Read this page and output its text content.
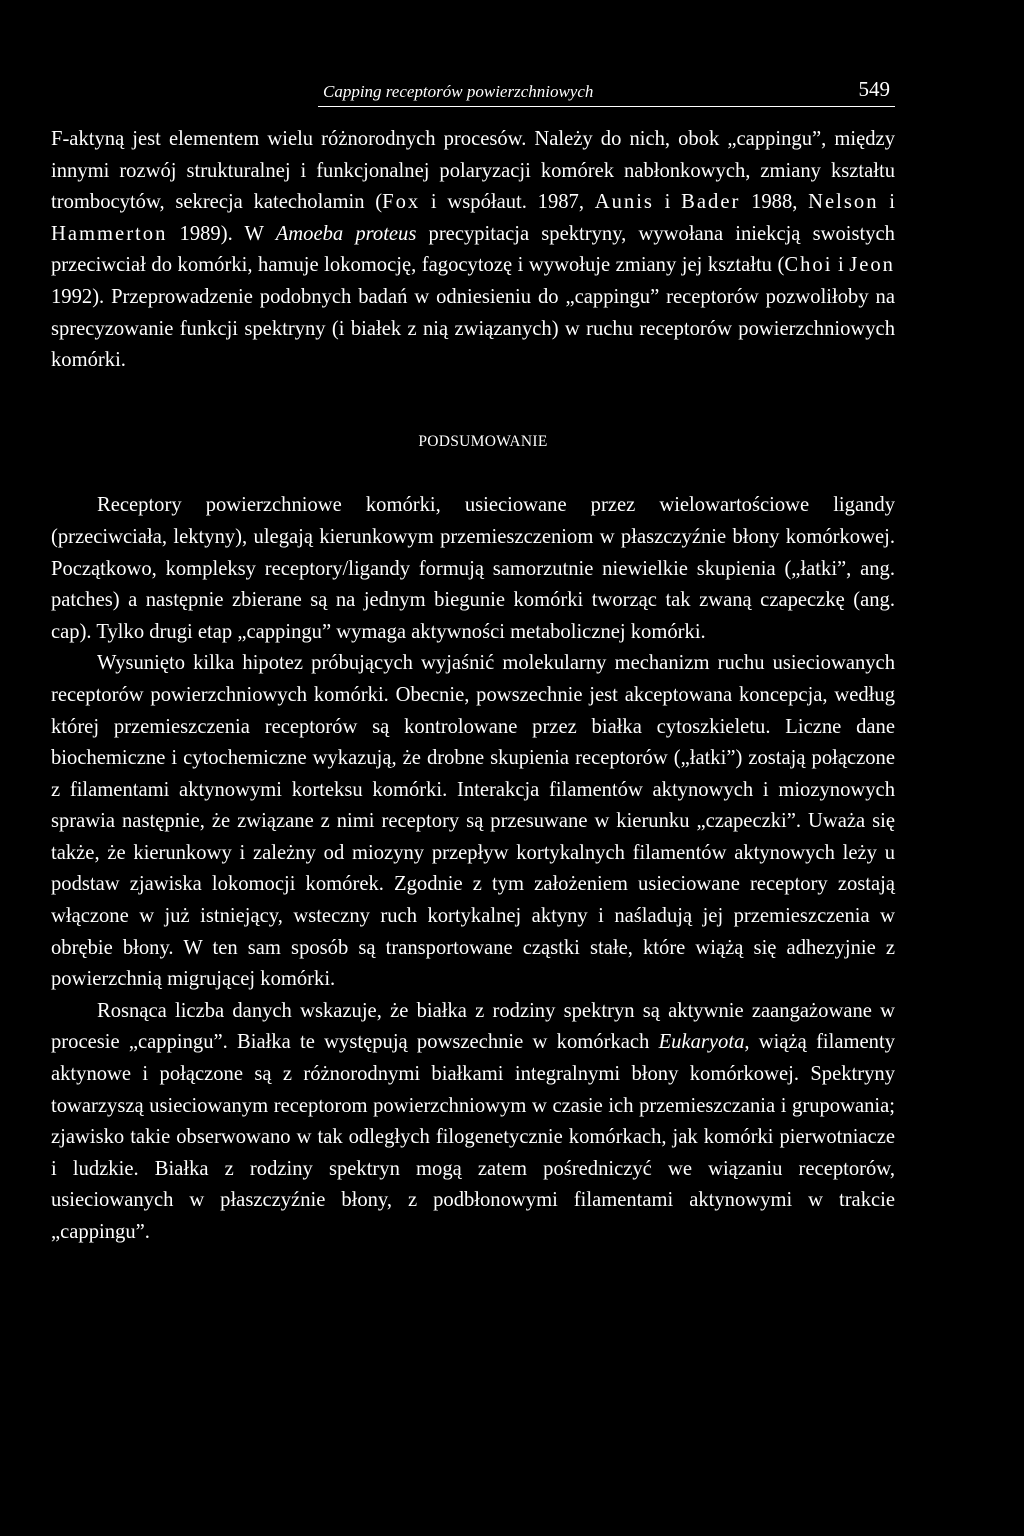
Capping receptorów powierzchniowych	549

F-aktyną jest elementem wielu różnorodnych procesów. Należy do nich, obok „cappingu”, między innymi rozwój strukturalnej i funkcjonalnej polaryzacji komórek nabłonkowych, zmiany kształtu trombocytów, sekrecja katecholamin (Fox i współaut. 1987, Aunis i Bader 1988, Nelson i Hammerton 1989). W Amoeba proteus precypitacja spektryny, wywołana iniekcją swoistych przeciwciał do komórki, hamuje lokomocję, fagocytozę i wywołuje zmiany jej kształtu (Choi i Jeon 1992). Przeprowadzenie podobnych badań w odniesieniu do „cappingu” receptorów pozwoliłoby na sprecyzowanie funkcji spektryny (i białek z nią związanych) w ruchu receptorów powierzchniowych komórki.

PODSUMOWANIE

Receptory powierzchniowe komórki, usieciowane przez wielowartościowe ligandy (przeciwciała, lektyny), ulegają kierunkowym przemieszczeniom w płaszczyźnie błony komórkowej. Początkowo, kompleksy receptory/ligandy formują samorzutnie niewielkie skupienia („łatki”, ang. patches) a następnie zbierane są na jednym biegunie komórki tworząc tak zwaną czapeczkę (ang. cap). Tylko drugi etap „cappingu” wymaga aktywności metabolicznej komórki.

Wysunięto kilka hipotez próbujących wyjaśnić molekularny mechanizm ruchu usieciowanych receptorów powierzchniowych komórki. Obecnie, powszechnie jest akceptowana koncepcja, według której przemieszczenia receptorów są kontrolowane przez białka cytoszkieletu. Liczne dane biochemiczne i cytochemiczne wykazują, że drobne skupienia receptorów („łatki”) zostają połączone z filamentami aktynowymi korteksu komórki. Interakcja filamentów aktynowych i miozynowych sprawia następnie, że związane z nimi receptory są przesuwane w kierunku „czapeczki”. Uważa się także, że kierunkowy i zależny od miozyny przepływ kortykalnych filamentów aktynowych leży u podstaw zjawiska lokomocji komórek. Zgodnie z tym założeniem usieciowane receptory zostają włączone w już istniejący, wsteczny ruch kortykalnej aktyny i naśladują jej przemieszczenia w obrębie błony. W ten sam sposób są transportowane cząstki stałe, które wiążą się adhezyjnie z powierzchnią migrującej komórki.

Rosnąca liczba danych wskazuje, że białka z rodziny spektryn są aktywnie zaangażowane w procesie „cappingu”. Białka te występują powszechnie w komórkach Eukaryota, wiążą filamenty aktynowe i połączone są z różnorodnymi białkami integralnymi błony komórkowej. Spektryny towarzyszą usieciowanym receptorom powierzchniowym w czasie ich przemieszczania i grupowania; zjawisko takie obserwowano w tak odległych filogenetycznie komórkach, jak komórki pierwotniacze i ludzkie. Białka z rodziny spektryn mogą zatem pośredniczyć we wiązaniu receptorów, usieciowanych w płaszczyźnie błony, z podbłonowymi filamentami aktynowymi w trakcie „cappingu”.
